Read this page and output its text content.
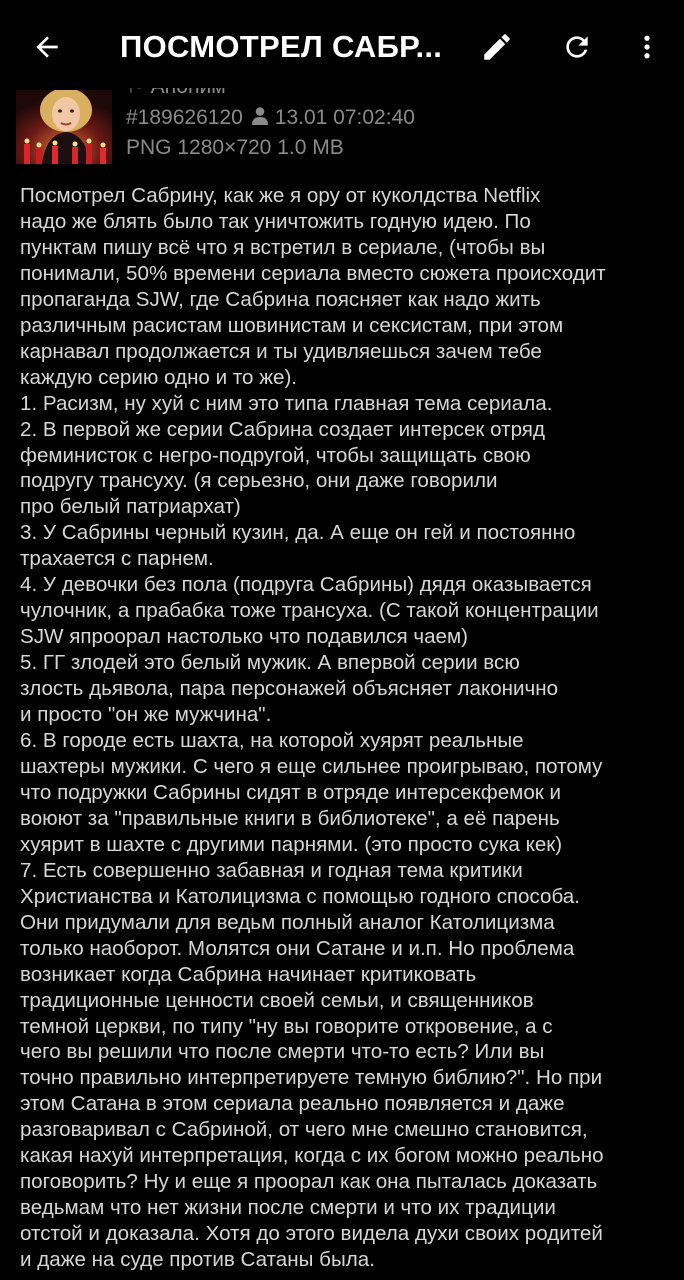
ПОСМОТРЕЛ САБР...
#189626120 13.01 07:02:40
PNG 1280×720 1.0 MB
Посмотрел Сабрину, как же я ору от куколдства Netflix
надо же блять было так уничтожить годную идею. По
пунктам пишу всё что я встретил в сериале, (чтобы вы
понимали, 50% времени сериала вместо сюжета происходит
пропаганда SJW, где Сабрина поясняет как надо жить
различным расистам шовинистам и сексистам, при этом
карнавал продолжается и ты удивляешься зачем тебе
каждую серию одно и то же).
1. Расизм, ну хуй с ним это типа главная тема сериала.
2. В первой же серии Сабрина создает интерсек отряд
феминисток с негро-подругой, чтобы защищать свою
подругу трансуху. (я серьезно, они даже говорили
про белый патриархат)
3. У Сабрины черный кузин, да. А еще он гей и постоянно
трахается с парнем.
4. У девочки без пола (подруга Сабрины) дядя оказывается
чулочник, а прабабка тоже трансуха. (С такой концентрации
SJW япроорал настолько что подавился чаем)
5. ГГ злодей это белый мужик. А впервой серии всю
злость дьявола, пара персонажей объясняет лаконично
и просто "он же мужчина".
6. В городе есть шахта, на которой хуярят реальные
шахтеры мужики. С чего я еще сильнее проигрываю, потому
что подружки Сабрины сидят в отряде интерсекфемок и
воюют за "правильные книги в библиотеке", а её парень
хуярит в шахте с другими парнями. (это просто сука кек)
7. Есть совершенно забавная и годная тема критики
Христианства и Католицизма с помощью годного способа.
Они придумали для ведьм полный аналог Католицизма
только наоборот. Молятся они Сатане и и.п. Но проблема
возникает когда Сабрина начинает критиковать
традиционные ценности своей семьи, и священников
темной церкви, по типу "ну вы говорите откровение, а с
чего вы решили что после смерти что-то есть? Или вы
точно правильно интерпретируете темную библию?". Но при
этом Сатана в этом сериала реально появляется и даже
разговаривал с Сабриной, от чего мне смешно становится,
какая нахуй интерпретация, когда с их богом можно реально
поговорить? Ну и еще я проорал как она пыталась доказать
ведьмам что нет жизни после смерти и что их традиции
отстой и доказала. Хотя до этого видела духи своих родитей
и даже на суде против Сатаны была.
